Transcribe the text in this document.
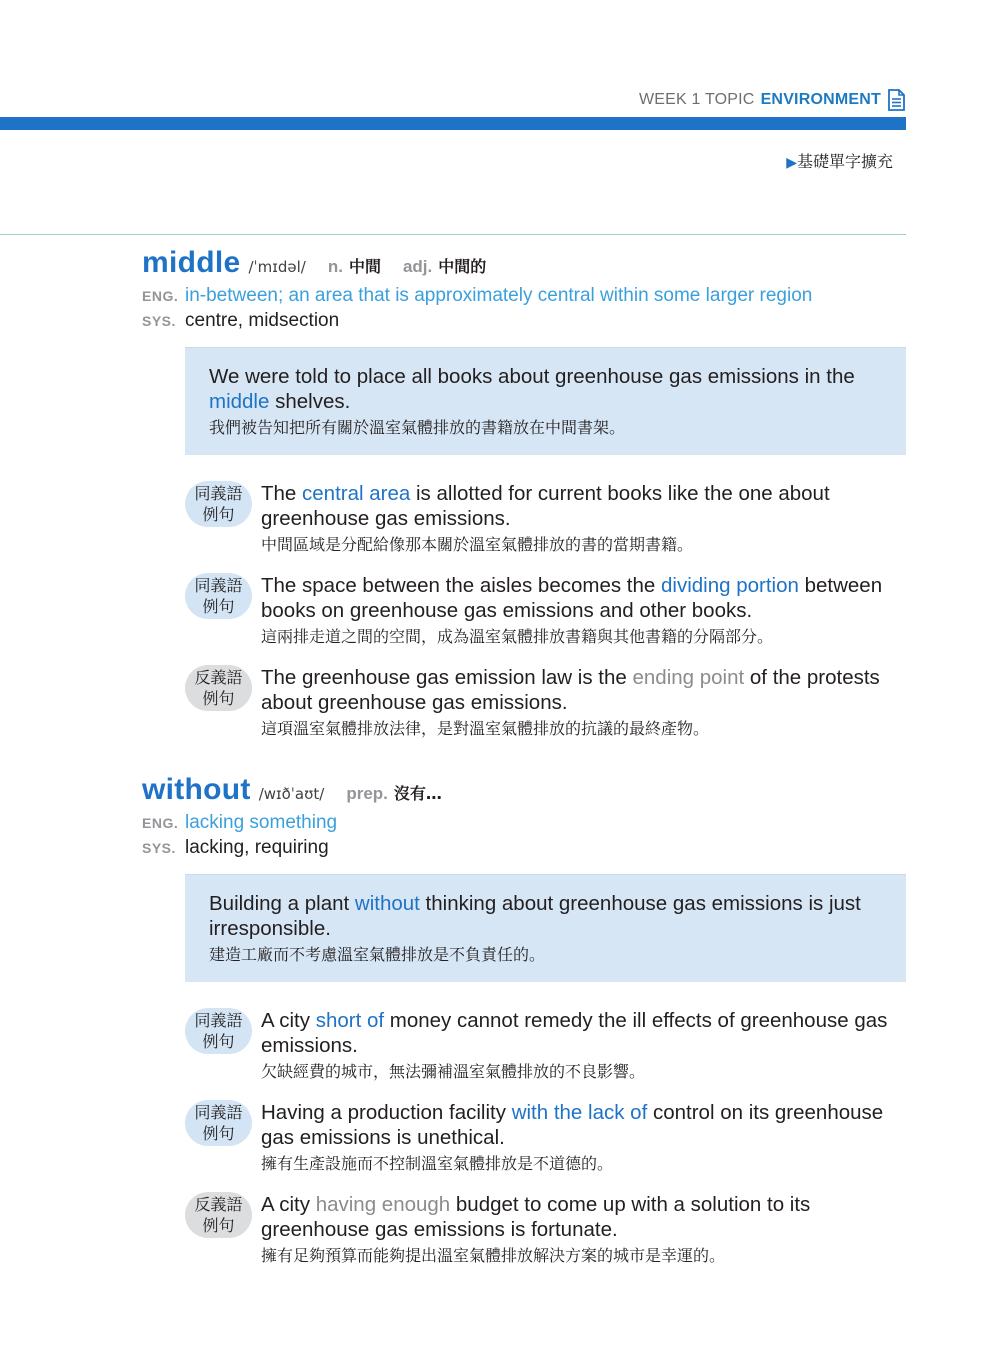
WEEK 1 TOPIC ENVIRONMENT
▶基礎單字擴充
middle /ˈmɪdəl/ n. 中間 adj. 中間的
ENG. in-between; an area that is approximately central within some larger region
SYS. centre, midsection
We were told to place all books about greenhouse gas emissions in the middle shelves.
我們被告知把所有關於溫室氣體排放的書籍放在中間書架。
同義語
例句
The central area is allotted for current books like the one about greenhouse gas emissions.
中間區域是分配給像那本關於溫室氣體排放的書的當期書籍。
同義語
例句
The space between the aisles becomes the dividing portion between books on greenhouse gas emissions and other books.
這兩排走道之間的空間，成為溫室氣體排放書籍與其他書籍的分隔部分。
反義語
例句
The greenhouse gas emission law is the ending point of the protests about greenhouse gas emissions.
這項溫室氣體排放法律，是對溫室氣體排放的抗議的最終產物。
without /wɪðˈaʊt/ prep. 沒有…
ENG. lacking something
SYS. lacking, requiring
Building a plant without thinking about greenhouse gas emissions is just irresponsible.
建造工廠而不考慮溫室氣體排放是不負責任的。
同義語
例句
A city short of money cannot remedy the ill effects of greenhouse gas emissions.
欠缺經費的城市，無法彌補溫室氣體排放的不良影響。
同義語
例句
Having a production facility with the lack of control on its greenhouse gas emissions is unethical.
擁有生產設施而不控制溫室氣體排放是不道德的。
反義語
例句
A city having enough budget to come up with a solution to its greenhouse gas emissions is fortunate.
擁有足夠預算而能夠提出溫室氣體排放解決方案的城市是幸運的。
